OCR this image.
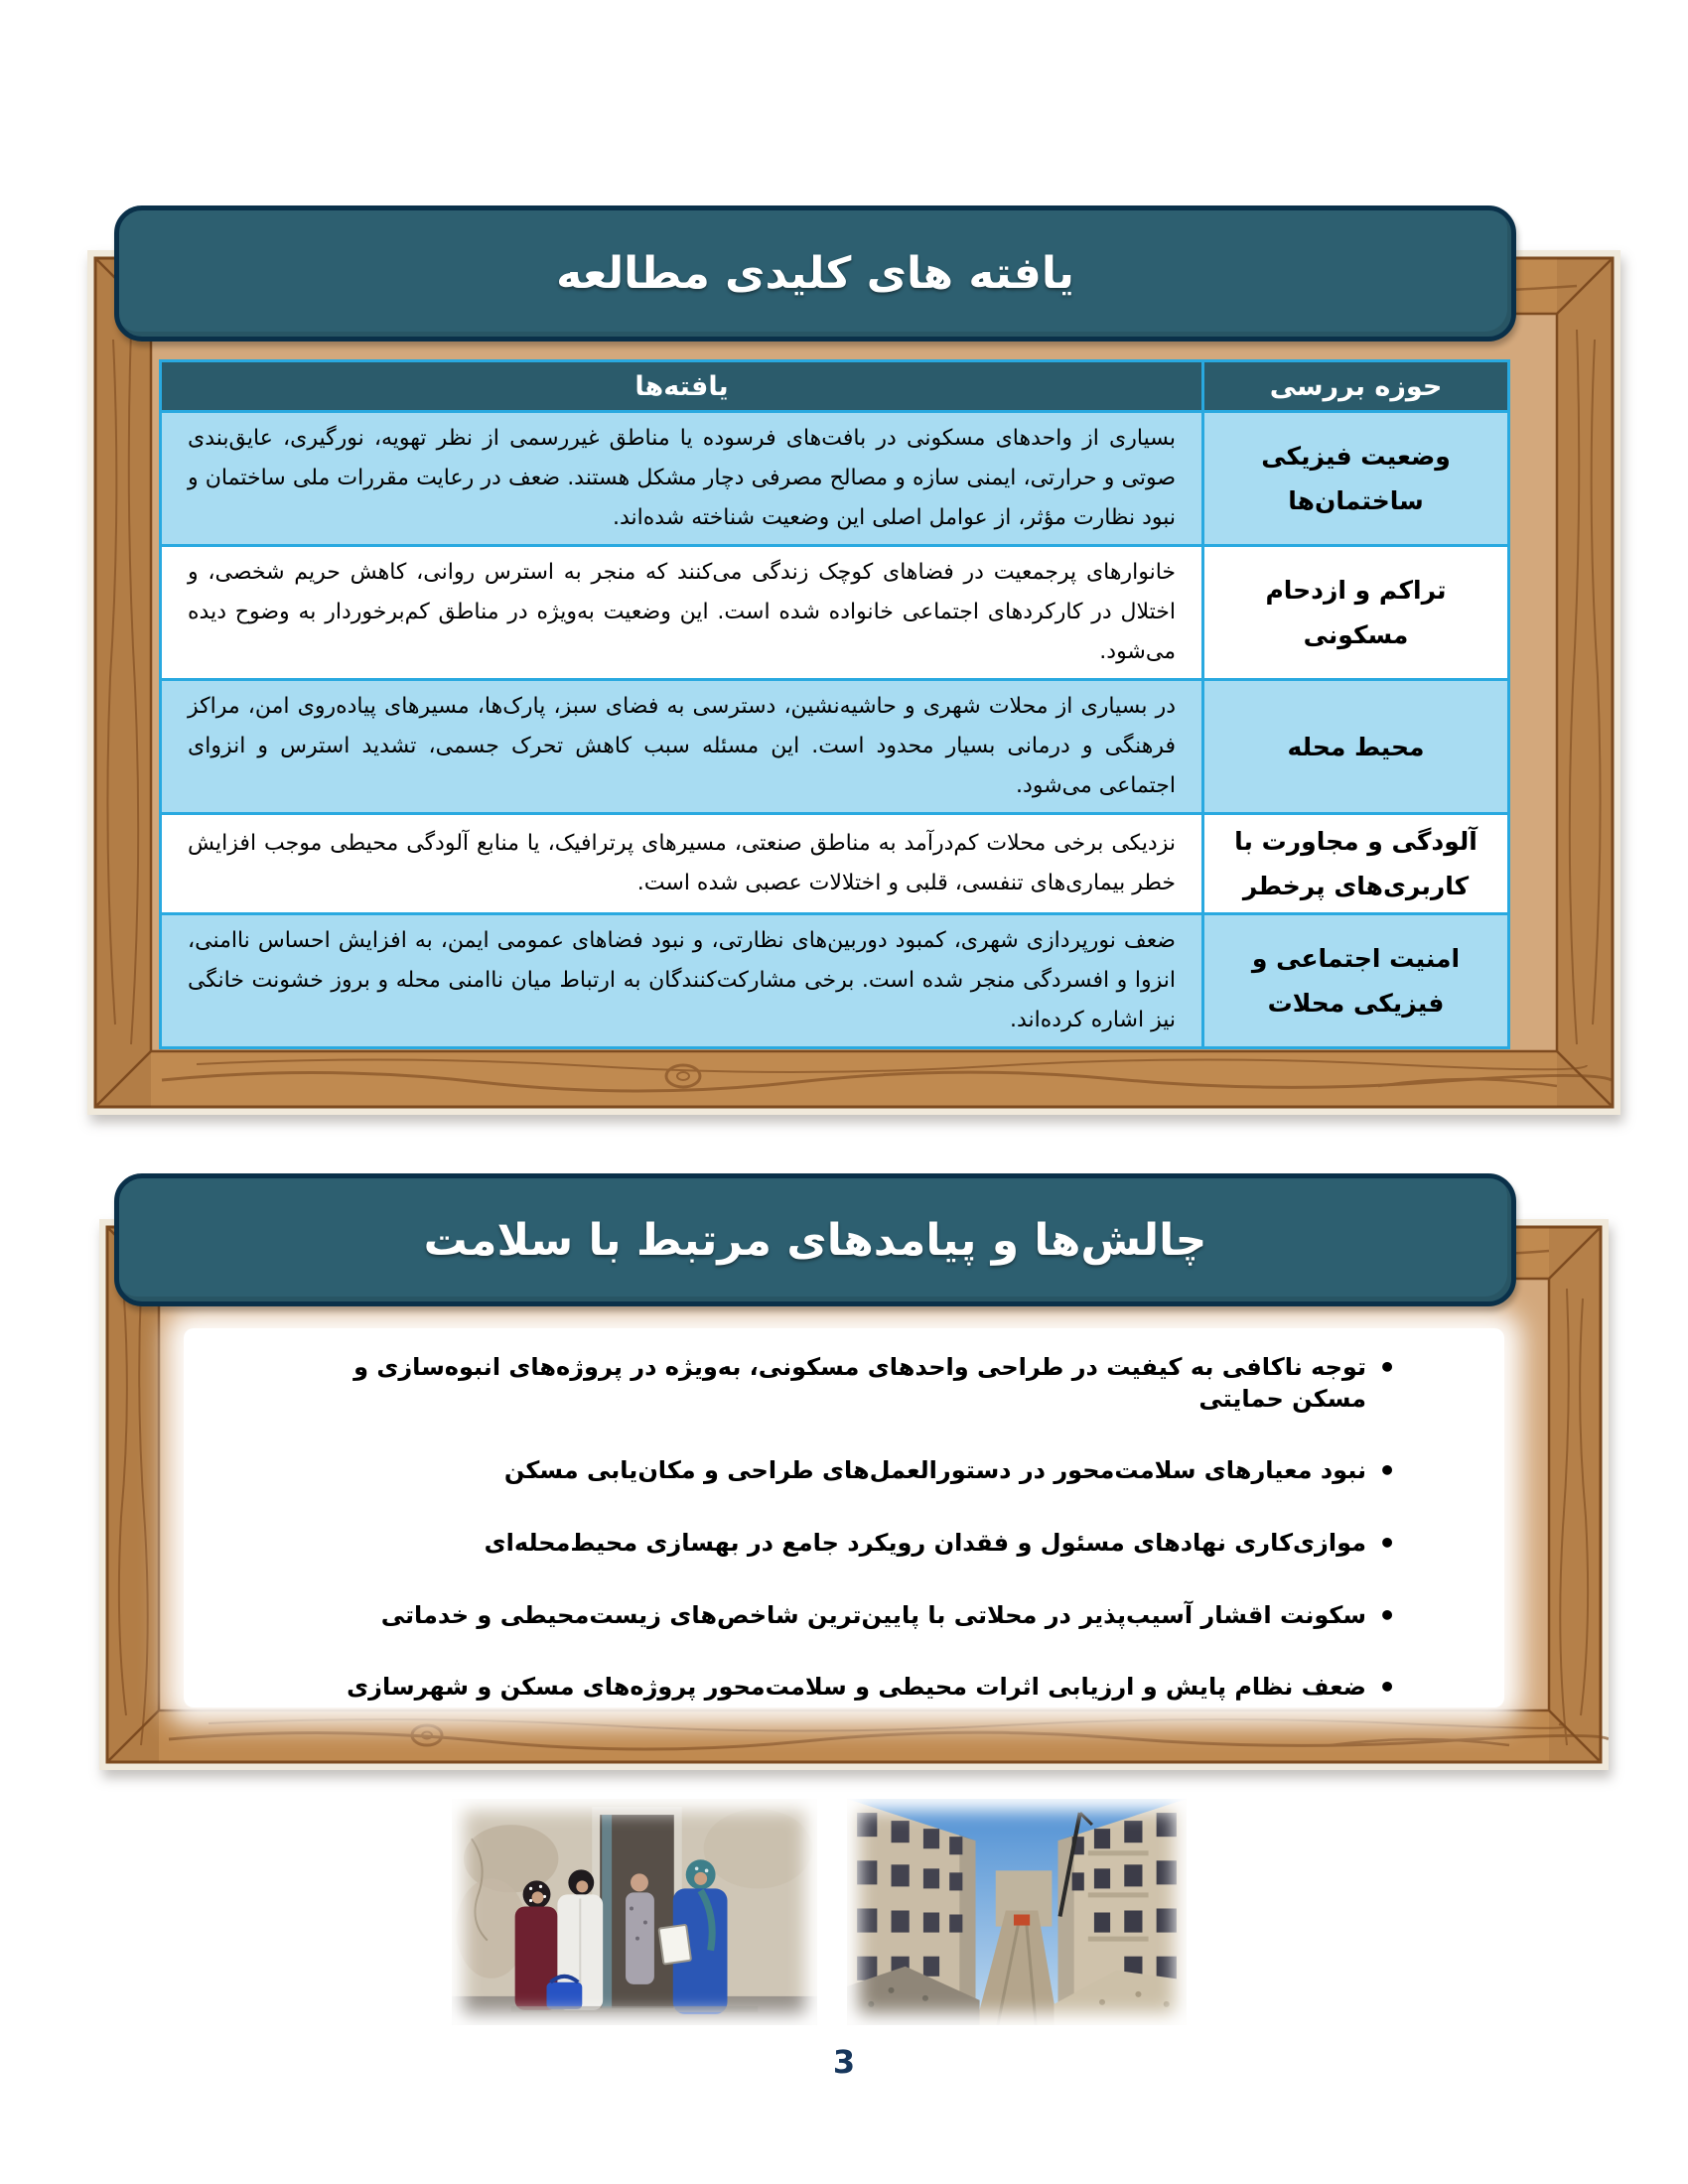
یافته های کلیدی مطالعه
حوزه بررسی	یافته‌ها
وضعیت فیزیکی ساختمان‌ها	بسیاری از واحدهای مسکونی در بافت‌های فرسوده یا مناطق غیررسمی از نظر تهویه، نورگیری، عایق‌بندی صوتی و حرارتی، ایمنی سازه و مصالح مصرفی دچار مشکل هستند. ضعف در رعایت مقررات ملی ساختمان و نبود نظارت مؤثر، از عوامل اصلی این وضعیت شناخته شده‌اند.
تراکم و ازدحام مسکونی	خانوارهای پرجمعیت در فضاهای کوچک زندگی می‌کنند که منجر به استرس روانی، کاهش حریم شخصی، و اختلال در کارکردهای اجتماعی خانواده شده است. این وضعیت به‌ویژه در مناطق کم‌برخوردار به وضوح دیده می‌شود.
محیط محله	در بسیاری از محلات شهری و حاشیه‌نشین، دسترسی به فضای سبز، پارک‌ها، مسیرهای پیاده‌روی امن، مراکز فرهنگی و درمانی بسیار محدود است. این مسئله سبب کاهش تحرک جسمی، تشدید استرس و انزوای اجتماعی می‌شود.
آلودگی و مجاورت با کاربری‌های پرخطر	نزدیکی برخی محلات کم‌درآمد به مناطق صنعتی، مسیرهای پرترافیک، یا منابع آلودگی محیطی موجب افزایش خطر بیماری‌های تنفسی، قلبی و اختلالات عصبی شده است.
امنیت اجتماعی و فیزیکی محلات	ضعف نورپردازی شهری، کمبود دوربین‌های نظارتی، و نبود فضاهای عمومی ایمن، به افزایش احساس ناامنی، انزوا و افسردگی منجر شده است. برخی مشارکت‌کنندگان به ارتباط میان ناامنی محله و بروز خشونت خانگی نیز اشاره کرده‌اند.
چالش‌ها و پیامدهای مرتبط با سلامت
• توجه ناکافی به کیفیت در طراحی واحدهای مسکونی، به‌ویژه در پروژه‌های انبوه‌سازی و مسکن حمایتی
• نبود معیارهای سلامت‌محور در دستورالعمل‌های طراحی و مکان‌یابی مسکن
• موازی‌کاری نهادهای مسئول و فقدان رویکرد جامع در بهسازی محیط‌محله‌ای
• سکونت اقشار آسیب‌پذیر در محلاتی با پایین‌ترین شاخص‌های زیست‌محیطی و خدماتی
• ضعف نظام پایش و ارزیابی اثرات محیطی و سلامت‌محور پروژه‌های مسکن و شهرسازی
3
